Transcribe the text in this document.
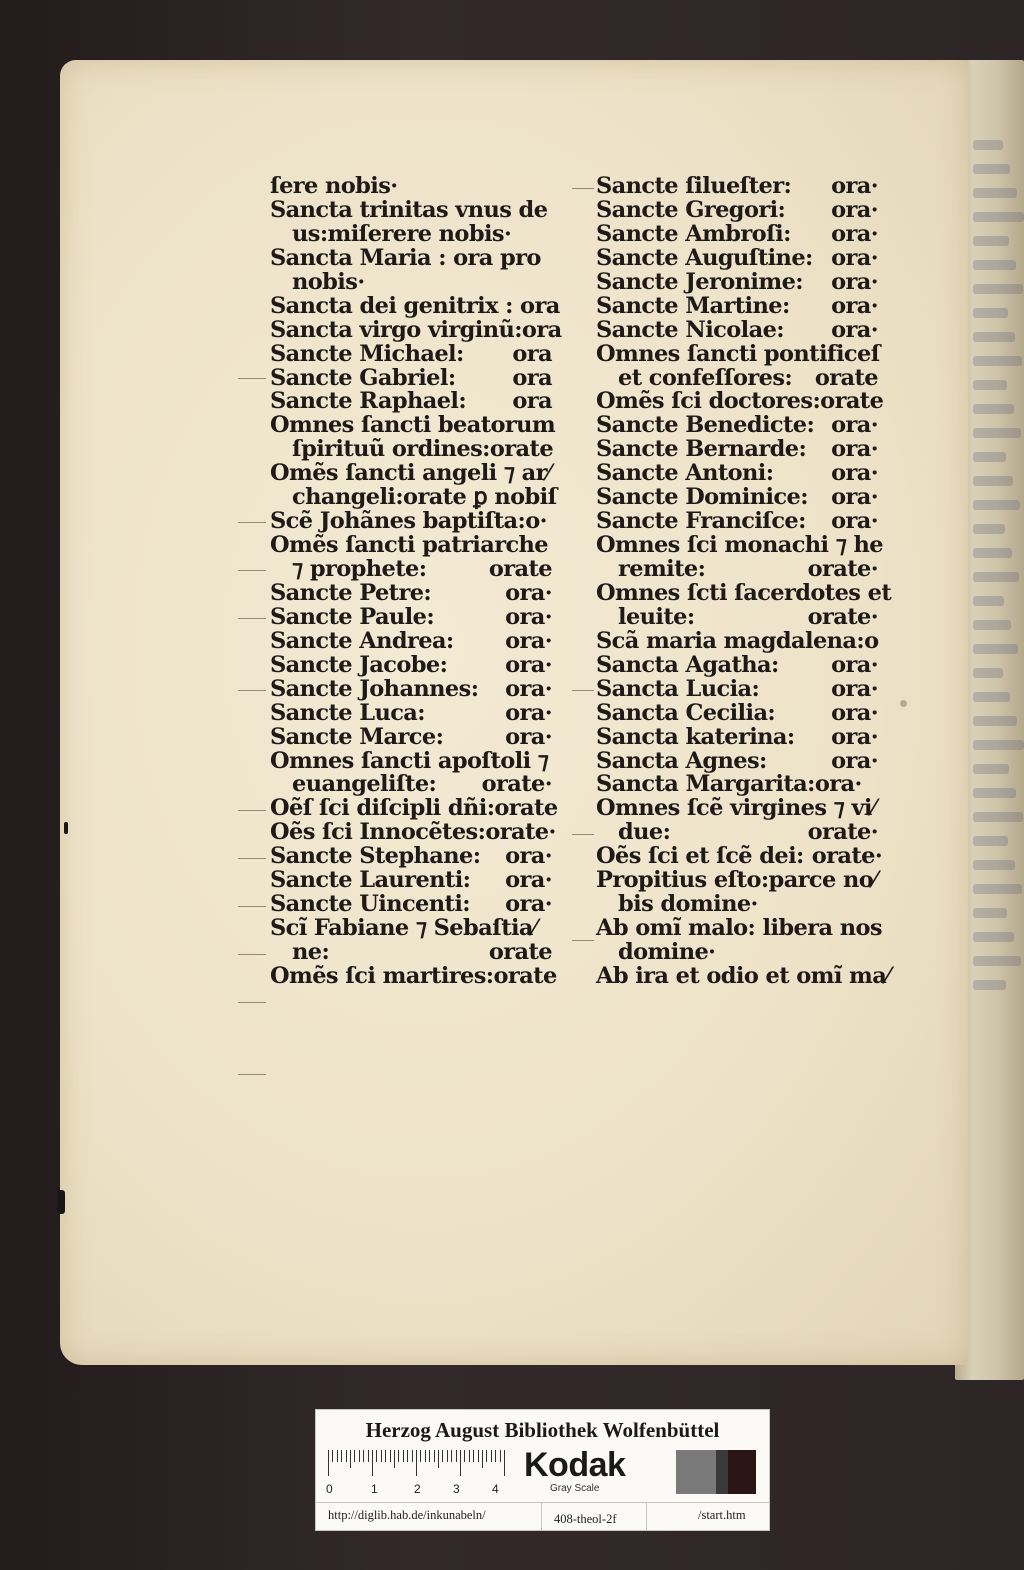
ſere nobis·
Sancta trinitas vnus de
us:miſerere nobis·
Sancta Maria : ora pro
nobis·
Sancta dei genitrix : ora
Sancta virgo virginũ:ora
Sancte Michael:	ora
Sancte Gabriel:	ora
Sancte Raphael:	ora
Omnes ſancti beatorum
ſpirituũ ordines:orate
Omẽs ſancti angeli ⁊ ar⁄
changeli:orate ꝑ nobiſ
Scẽ Johãnes baptiſta:o·
Omẽs ſancti patriarche
⁊ prophete:	orate
Sancte Petre:	ora·
Sancte Paule:	ora·
Sancte Andrea:	ora·
Sancte Jacobe:	ora·
Sancte Johannes:	ora·
Sancte Luca:	ora·
Sancte Marce:	ora·
Omnes ſancti apoſtoli ⁊
euangeliſte:	orate·
Oẽſ ſci diſcipli dñi:orate
Oẽs ſci Innocẽtes:orate·
Sancte Stephane:	ora·
Sancte Laurenti:	ora·
Sancte Uincenti:	ora·
Scĩ Fabiane ⁊ Sebaſtia⁄
ne:	orate
Omẽs ſci martires:orate
Sancte ſilueſter:	ora·
Sancte Gregori:	ora·
Sancte Ambroſi:	ora·
Sancte Auguſtine: ora·
Sancte Jeronime:	ora·
Sancte Martine:	ora·
Sancte Nicolae:	ora·
Omnes ſancti pontificeſ
et confeſſores:	orate
Omẽs ſci doctores:orate
Sancte Benedicte: ora·
Sancte Bernarde:	ora·
Sancte Antoni:	ora·
Sancte Dominice:	ora·
Sancte Franciſce:	ora·
Omnes ſci monachi ⁊ he
remite:	orate·
Omnes ſcti ſacerdotes et
leuite:	orate·
Scã maria magdalena:o
Sancta Agatha:	ora·
Sancta Lucia:	ora·
Sancta Cecilia:	ora·
Sancta katerina:	ora·
Sancta Agnes:	ora·
Sancta Margarita:ora·
Omnes ſcẽ virgines ⁊ vi⁄
due:	orate·
Oẽs ſci et ſcẽ dei: orate·
Propitius eſto:parce no⁄
bis domine·
Ab omĩ malo: libera nos
domine·
Ab ira et odio et omĩ ma⁄
Herzog August Bibliothek Wolfenbüttel
0	1	2	3	4
Kodak
Gray Scale
http://diglib.hab.de/inkunabeln/	408-theol-2f	/start.htm
